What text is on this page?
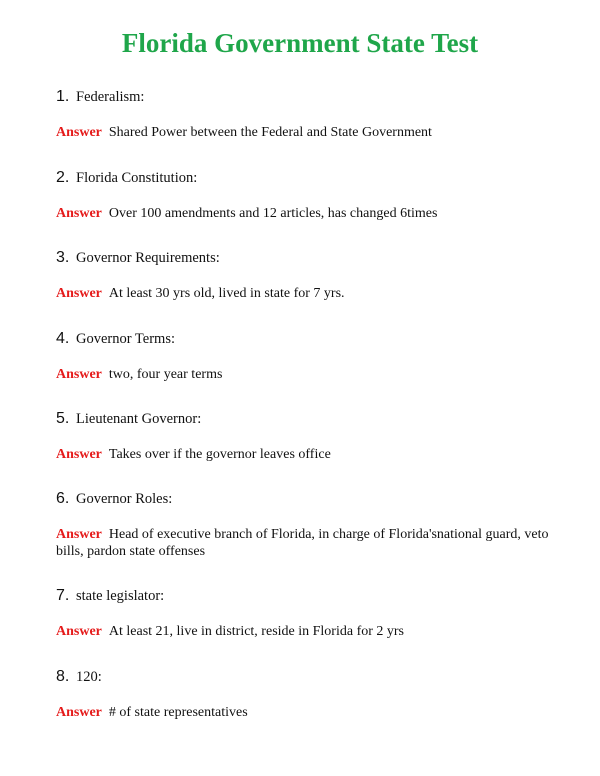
Florida Government State Test
1. Federalism:
Answer Shared Power between the Federal and State Government
2. Florida Constitution:
Answer Over 100 amendments and 12 articles, has changed 6times
3. Governor Requirements:
Answer At least 30 yrs old, lived in state for 7 yrs.
4. Governor Terms:
Answer two, four year terms
5. Lieutenant Governor:
Answer Takes over if the governor leaves office
6. Governor Roles:
Answer Head of executive branch of Florida, in charge of Florida'snational guard, veto bills, pardon state offenses
7. state legislator:
Answer At least 21, live in district, reside in Florida for 2 yrs
8. 120:
Answer # of state representatives
